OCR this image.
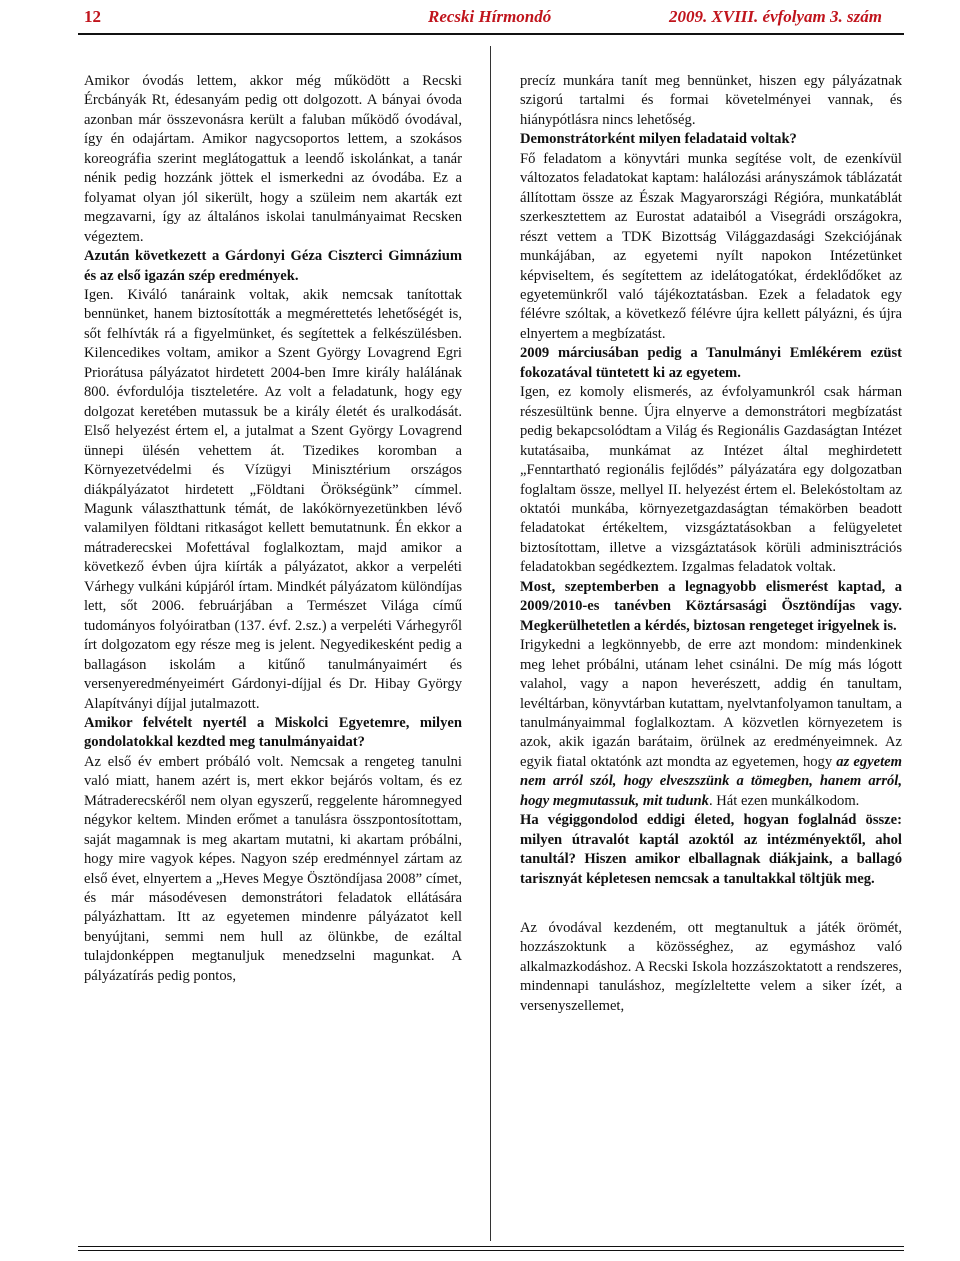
12	Recski Hírmondó	2009. XVIII. évfolyam 3. szám

Amikor óvodás lettem, akkor még működött a Recski Ércbányák Rt, édesanyám pedig ott dolgozott. A bányai óvoda azonban már összevonásra került a faluban működő óvodával, így én odajártam. Amikor nagycsoportos lettem, a szokásos koreográfia szerint meglátogattuk a leendő iskolánkat, a tanár nénik pedig hozzánk jöttek el ismerkedni az óvodába. Ez a folyamat olyan jól sikerült, hogy a szüleim nem akarták ezt megzavarni, így az általános iskolai tanulmányaimat Recsken végeztem.

Azután következett a Gárdonyi Géza Ciszterci Gimnázium és az első igazán szép eredmények.

Igen. Kiváló tanáraink voltak, akik nemcsak tanítottak bennünket, hanem biztosították a megmérettetés lehetőségét is, sőt felhívták rá a figyelmünket, és segítettek a felkészülésben. Kilencedikes voltam, amikor a Szent György Lovagrend Egri Priorátusa pályázatot hirdetett 2004-ben Imre király halálának 800. évfordulója tiszteletére. Az volt a feladatunk, hogy egy dolgozat keretében mutassuk be a király életét és uralkodását. Első helyezést értem el, a jutalmat a Szent György Lovagrend ünnepi ülésén vehettem át. Tizedikes koromban a Környezetvédelmi és Vízügyi Minisztérium országos diákpályázatot hirdetett „Földtani Örökségünk” címmel. Magunk választhattunk témát, de lakókörnyezetünkben lévő valamilyen földtani ritkaságot kellett bemutatnunk. Én ekkor a mátraderecskei Mofettával foglalkoztam, majd amikor a következő évben újra kiírták a pályázatot, akkor a verpeléti Várhegy vulkáni kúpjáról írtam. Mindkét pályázatom különdíjas lett, sőt 2006. februárjában a Természet Világa című tudományos folyóiratban (137. évf. 2.sz.) a verpeléti Várhegyről írt dolgozatom egy része meg is jelent. Negyedikesként pedig a ballagáson iskolám a kitűnő tanulmányaimért és versenyeredményeimért Gárdonyi-díjjal és Dr. Hibay György Alapítványi díjjal jutalmazott.

Amikor felvételt nyertél a Miskolci Egyetemre, milyen gondolatokkal kezdted meg tanulmányaidat?

Az első év embert próbáló volt. Nemcsak a rengeteg tanulni való miatt, hanem azért is, mert ekkor bejárós voltam, és ez Mátraderecskéről nem olyan egyszerű, reggelente háromnegyed négykor keltem. Minden erőmet a tanulásra összpontosítottam, saját magamnak is meg akartam mutatni, ki akartam próbálni, hogy mire vagyok képes. Nagyon szép eredménnyel zártam az első évet, elnyertem a „Heves Megye Ösztöndíjasa 2008” címet, és már másodévesen demonstrátori feladatok ellátására pályázhattam. Itt az egyetemen mindenre pályázatot kell benyújtani, semmi nem hull az ölünkbe, de ezáltal tulajdonképpen megtanuljuk menedzselni magunkat. A pályázatírás pedig pontos,

precíz munkára tanít meg bennünket, hiszen egy pályázatnak szigorú tartalmi és formai követelményei vannak, és hiánypótlásra nincs lehetőség.

Demonstrátorként milyen feladataid voltak?

Fő feladatom a könyvtári munka segítése volt, de ezenkívül változatos feladatokat kaptam: halálozási arányszámok táblázatát állítottam össze az Észak Magyarországi Régióra, munkatáblát szerkesztettem az Eurostat adataiból a Visegrádi országokra, részt vettem a TDK Bizottság Világgazdasági Szekciójának munkájában, az egyetemi nyílt napokon Intézetünket képviseltem, és segítettem az idelátogatókat, érdeklődőket az egyetemünkről való tájékoztatásban. Ezek a feladatok egy félévre szóltak, a következő félévre újra kellett pályázni, és újra elnyertem a megbízatást.

2009 márciusában pedig a Tanulmányi Emlékérem ezüst fokozatával tüntetett ki az egyetem.

Igen, ez komoly elismerés, az évfolyamunkról csak hárman részesültünk benne. Újra elnyerve a demonstrátori megbízatást pedig bekapcsolódtam a Világ és Regionális Gazdaságtan Intézet kutatásaiba, munkámat az Intézet által meghirdetett „Fenntartható regionális fejlődés” pályázatára egy dolgozatban foglaltam össze, mellyel II. helyezést értem el. Belekóstoltam az oktatói munkába, környezetgazdaságtan témakörben beadott feladatokat értékeltem, vizsgáztatásokban a felügyeletet biztosítottam, illetve a vizsgáztatások körüli adminisztrációs feladatokban segédkeztem. Izgalmas feladatok voltak.

Most, szeptemberben a legnagyobb elismerést kaptad, a 2009/2010-es tanévben Köztársasági Ösztöndíjas vagy. Megkerülhetetlen a kérdés, biztosan rengeteget irigyelnek is.

Irigykedni a legkönnyebb, de erre azt mondom: mindenkinek meg lehet próbálni, utánam lehet csinálni. De míg más lógott valahol, vagy a napon heverészett, addig én tanultam, levéltárban, könyvtárban kutattam, nyelvtanfolyamon tanultam, a tanulmányaimmal foglalkoztam. A közvetlen környezetem is azok, akik igazán barátaim, örülnek az eredményeimnek. Az egyik fiatal oktatónk azt mondta az egyetemen, hogy az egyetem nem arról szól, hogy elveszszünk a tömegben, hanem arról, hogy megmutassuk, mit tudunk. Hát ezen munkálkodom.

Ha végiggondolod eddigi életed, hogyan foglalnád össze: milyen útravalót kaptál azoktól az intézményektől, ahol tanultál? Hiszen amikor elballagnak diákjaink, a ballagó tarisznyát képletesen nemcsak a tanultakkal töltjük meg.

Az óvodával kezdeném, ott megtanultuk a játék örömét, hozzászoktunk a közösséghez, az egymáshoz való alkalmazkodáshoz. A Recski Iskola hozzászoktatott a rendszeres, mindennapi tanuláshoz, megízleltette velem a siker ízét, a versenyszellemet,
